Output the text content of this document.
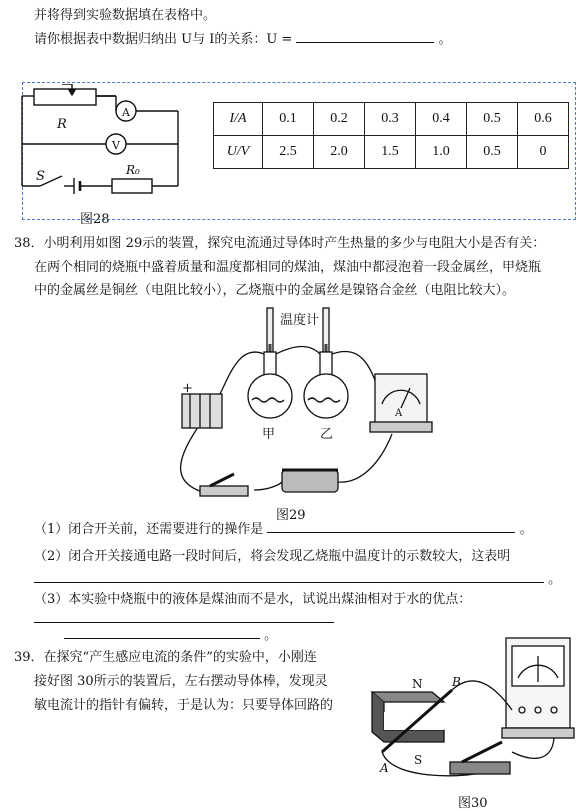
并将得到实验数据填在表格中。
请你根据表中数据归纳出 U与 I的关系：U =	。
R
A
V
S	R₀
图28
I/A	0.1	0.2	0.3	0.4	0.5	0.6
U/V	2.5	2.0	1.5	1.0	0.5	0
38．小明利用如图 29示的装置，探究电流通过导体时产生热量的多少与电阻大小是否有关：
在两个相同的烧瓶中盛着质量和温度都相同的煤油，煤油中都浸泡着一段金属丝，甲烧瓶
中的金属丝是铜丝（电阻比较小），乙烧瓶中的金属丝是镍铬合金丝（电阻比较大）。
温度计
甲	乙
+
A
图29
（1）闭合开关前，还需要进行的操作是	。
（2）闭合开关接通电路一段时间后，将会发现乙烧瓶中温度计的示数较大，这表明
。
（3）本实验中烧瓶中的液体是煤油而不是水，试说出煤油相对于水的优点：
。
39．在探究“产生感应电流的条件”的实验中，小刚连
接好图 30所示的装置后，左右摆动导体棒，发现灵
敏电流计的指针有偏转，于是认为：只要导体回路的
N
S
A
B
图30
